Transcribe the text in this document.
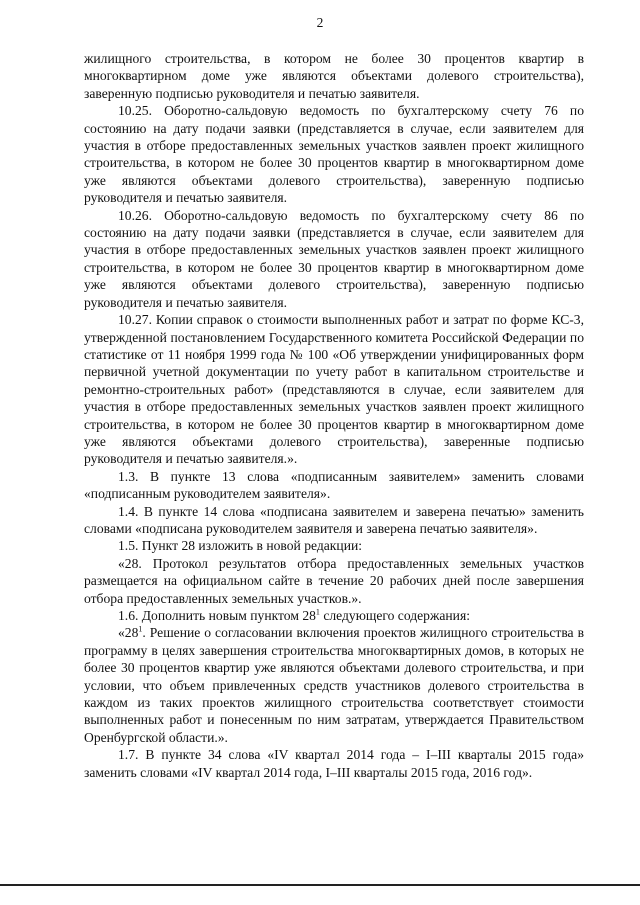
2

жилищного строительства, в котором не более 30 процентов квартир в многоквартирном доме уже являются объектами долевого строительства), заверенную подписью руководителя и печатью заявителя.

10.25. Оборотно-сальдовую ведомость по бухгалтерскому счету 76 по состоянию на дату подачи заявки (представляется в случае, если заявителем для участия в отборе предоставленных земельных участков заявлен проект жилищного строительства, в котором не более 30 процентов квартир в многоквартирном доме уже являются объектами долевого строительства), заверенную подписью руководителя и печатью заявителя.

10.26. Оборотно-сальдовую ведомость по бухгалтерскому счету 86 по состоянию на дату подачи заявки (представляется в случае, если заявителем для участия в отборе предоставленных земельных участков заявлен проект жилищного строительства, в котором не более 30 процентов квартир в многоквартирном доме уже являются объектами долевого строительства), заверенную подписью руководителя и печатью заявителя.

10.27. Копии справок о стоимости выполненных работ и затрат по форме КС-3, утвержденной постановлением Государственного комитета Российской Федерации по статистике от 11 ноября 1999 года № 100 «Об утверждении унифицированных форм первичной учетной документации по учету работ в капитальном строительстве и ремонтно-строительных работ» (представляются в случае, если заявителем для участия в отборе предоставленных земельных участков заявлен проект жилищного строительства, в котором не более 30 процентов квартир в многоквартирном доме уже являются объектами долевого строительства), заверенные подписью руководителя и печатью заявителя.».

1.3. В пункте 13 слова «подписанным заявителем» заменить словами «подписанным руководителем заявителя».

1.4. В пункте 14 слова «подписана заявителем и заверена печатью» заменить словами «подписана руководителем заявителя и заверена печатью заявителя».

1.5. Пункт 28 изложить в новой редакции:

«28. Протокол результатов отбора предоставленных земельных участков размещается на официальном сайте в течение 20 рабочих дней после завершения отбора предоставленных земельных участков.».

1.6. Дополнить новым пунктом $28^1$ следующего содержания:

«$28^1$. Решение о согласовании включения проектов жилищного строительства в программу в целях завершения строительства многоквартирных домов, в которых не более 30 процентов квартир уже являются объектами долевого строительства, и при условии, что объем привлеченных средств участников долевого строительства в каждом из таких проектов жилищного строительства соответствует стоимости выполненных работ и понесенным по ним затратам, утверждается Правительством Оренбургской области.».

1.7. В пункте 34 слова «IV квартал 2014 года – I–III кварталы 2015 года» заменить словами «IV квартал 2014 года, I–III кварталы 2015 года, 2016 год».
